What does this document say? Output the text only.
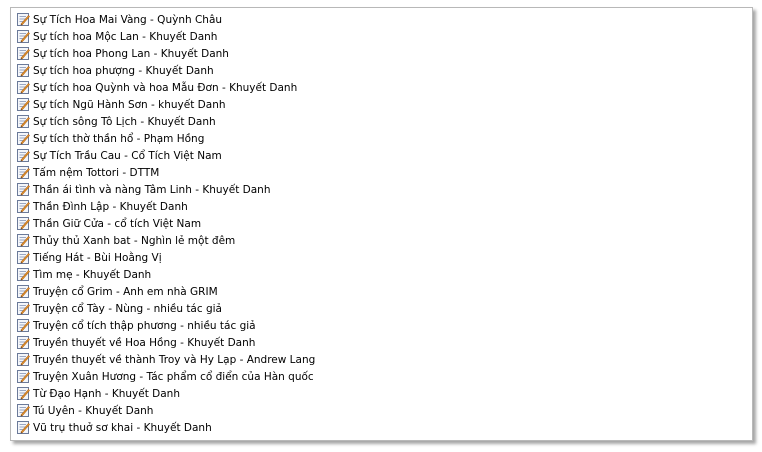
Sự Tích Hoa Mai Vàng - Quỳnh Châu
Sự tích hoa Mộc Lan - Khuyết Danh
Sự tích hoa Phong Lan - Khuyết Danh
Sự tích hoa phượng - Khuyết Danh
Sự tích hoa Quỳnh và hoa Mẫu Đơn - Khuyết Danh
Sự tích Ngũ Hành Sơn - khuyết Danh
Sự tích sông Tô Lịch - Khuyết Danh
Sự tích thờ thần hổ - Phạm Hồng
Sự Tích Trầu Cau - Cổ Tích Việt Nam
Tấm nệm Tottori - DTTM
Thần ái tình và nàng Tâm Linh - Khuyết Danh
Thần Đình Lập - Khuyết Danh
Thần Giữ Cửa - cổ tích Việt Nam
Thủy thủ Xanh bat - Nghìn lẻ một đêm
Tiếng Hát - Bùi Hoằng Vị
Tìm mẹ - Khuyết Danh
Truyện cổ Grim - Anh em nhà GRIM
Truyện cổ Tày - Nùng - nhiều tác giả
Truyện cổ tích thập phương - nhiều tác giả
Truyền thuyết về Hoa Hồng - Khuyết Danh
Truyền thuyết về thành Troy và Hy Lạp - Andrew Lang
Truyện Xuân Hương - Tác phẩm cổ điển của Hàn quốc
Từ Đạo Hạnh - Khuyết Danh
Tú Uyên - Khuyết Danh
Vũ trụ thuở sơ khai - Khuyết Danh
